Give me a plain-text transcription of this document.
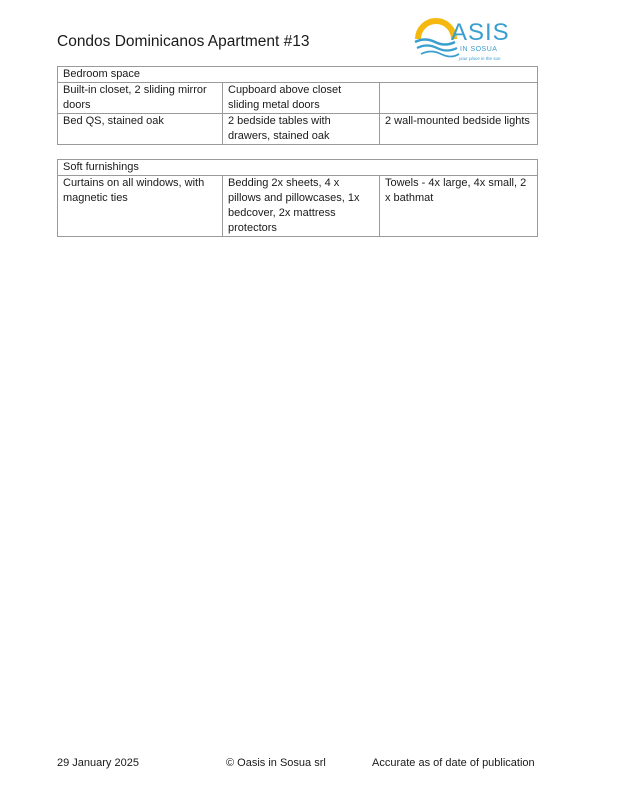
Condos Dominicanos Apartment #13	ASIS
IN SOSUA
your place in the sun
Bedroom space		
Built-in closet, 2 sliding mirror doors	Cupboard above closet sliding metal doors	
Bed QS, stained oak	2 bedside tables with drawers, stained oak	2 wall-mounted bedside lights
Soft furnishings
Curtains on all windows, with magnetic ties	Bedding 2x sheets, 4 x pillows and pillowcases, 1x bedcover, 2x mattress protectors	Towels - 4x large, 4x small, 2 x bathmat
29 January 2025	© Oasis in Sosua srl	Accurate as of date of publication
